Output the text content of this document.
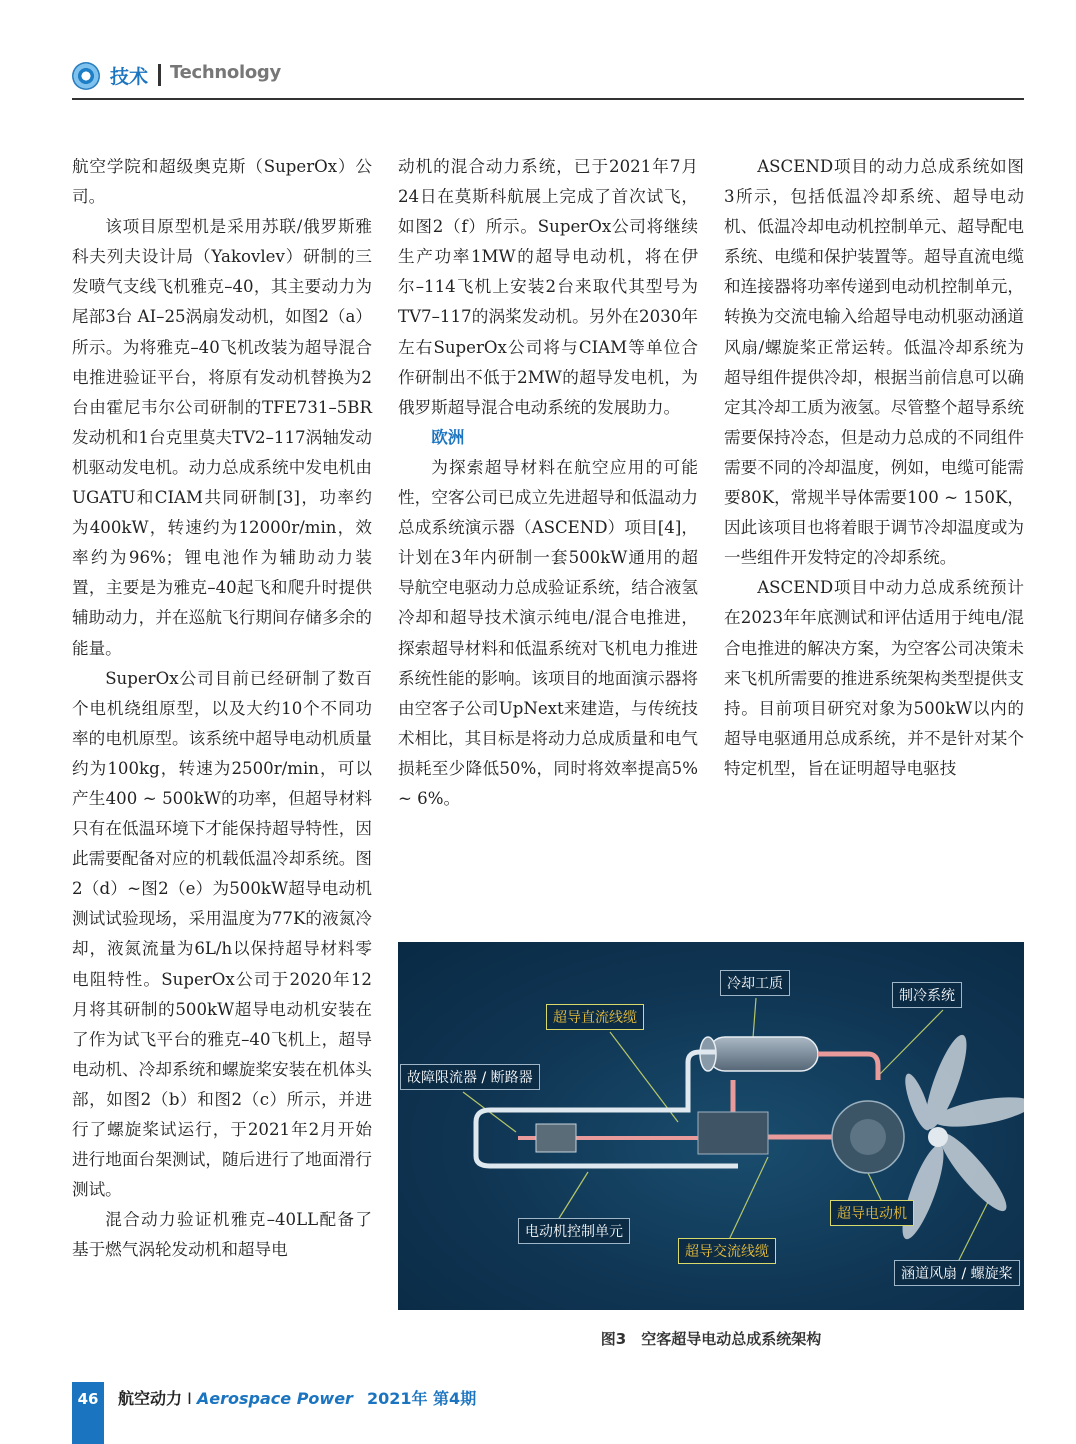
技术 Technology

航空学院和超级奥克斯（SuperOx）公司。

该项目原型机是采用苏联/俄罗斯雅科夫列夫设计局（Yakovlev）研制的三发喷气支线飞机雅克–40，其主要动力为尾部3台 AI–25涡扇发动机，如图2（a）所示。为将雅克–40飞机改装为超导混合电推进验证平台，将原有发动机替换为2台由霍尼韦尔公司研制的TFE731–5BR发动机和1台克里莫夫TV2–117涡轴发动机驱动发电机。动力总成系统中发电机由UGATU和CIAM共同研制[3]，功率约为400kW，转速约为12000r/min，效率约为96%；锂电池作为辅助动力装置，主要是为雅克–40起飞和爬升时提供辅助动力，并在巡航飞行期间存储多余的能量。

SuperOx公司目前已经研制了数百个电机绕组原型，以及大约10个不同功率的电机原型。该系统中超导电动机质量约为100kg，转速为2500r/min，可以产生400 ~ 500kW的功率，但超导材料只有在低温环境下才能保持超导特性，因此需要配备对应的机载低温冷却系统。图2（d）~图2（e）为500kW超导电动机测试试验现场，采用温度为77K的液氮冷却，液氮流量为6L/h以保持超导材料零电阻特性。SuperOx公司于2020年12月将其研制的500kW超导电动机安装在了作为试飞平台的雅克–40飞机上，超导电动机、冷却系统和螺旋桨安装在机体头部，如图2（b）和图2（c）所示，并进行了螺旋桨试运行，于2021年2月开始进行地面台架测试，随后进行了地面滑行测试。

混合动力验证机雅克–40LL配备了基于燃气涡轮发动机和超导电

动机的混合动力系统，已于2021年7月24日在莫斯科航展上完成了首次试飞，如图2（f）所示。SuperOx公司将继续生产功率1MW的超导电动机，将在伊尔–114飞机上安装2台来取代其型号为TV7–117的涡桨发动机。另外在2030年左右SuperOx公司将与CIAM等单位合作研制出不低于2MW的超导发电机，为俄罗斯超导混合电动系统的发展助力。

欧洲

为探索超导材料在航空应用的可能性，空客公司已成立先进超导和低温动力总成系统演示器（ASCEND）项目[4]，计划在3年内研制一套500kW通用的超导航空电驱动力总成验证系统，结合液氢冷却和超导技术演示纯电/混合电推进，探索超导材料和低温系统对飞机电力推进系统性能的影响。该项目的地面演示器将由空客子公司UpNext来建造，与传统技术相比，其目标是将动力总成质量和电气损耗至少降低50%，同时将效率提高5% ~ 6%。

ASCEND项目的动力总成系统如图3所示，包括低温冷却系统、超导电动机、低温冷却电动机控制单元、超导配电系统、电缆和保护装置等。超导直流电缆和连接器将功率传递到电动机控制单元，转换为交流电输入给超导电动机驱动涵道风扇/螺旋桨正常运转。低温冷却系统为超导组件提供冷却，根据当前信息可以确定其冷却工质为液氢。尽管整个超导系统需要保持冷态，但是动力总成的不同组件需要不同的冷却温度，例如，电缆可能需要80K，常规半导体需要100 ~ 150K，因此该项目也将着眼于调节冷却温度或为一些组件开发特定的冷却系统。

ASCEND项目中动力总成系统预计在2023年年底测试和评估适用于纯电/混合电推进的解决方案，为空客公司决策未来飞机所需要的推进系统架构类型提供支持。目前项目研究对象为500kW以内的超导电驱通用总成系统，并不是针对某个特定机型，旨在证明超导电驱技

冷却工质
制冷系统
超导直流线缆
故障限流器 / 断路器
电动机控制单元
超导交流线缆
超导电动机
涵道风扇 / 螺旋桨
图3　空客超导电动总成系统架构
46	航空动力 I Aerospace Power 2021年 第4期
